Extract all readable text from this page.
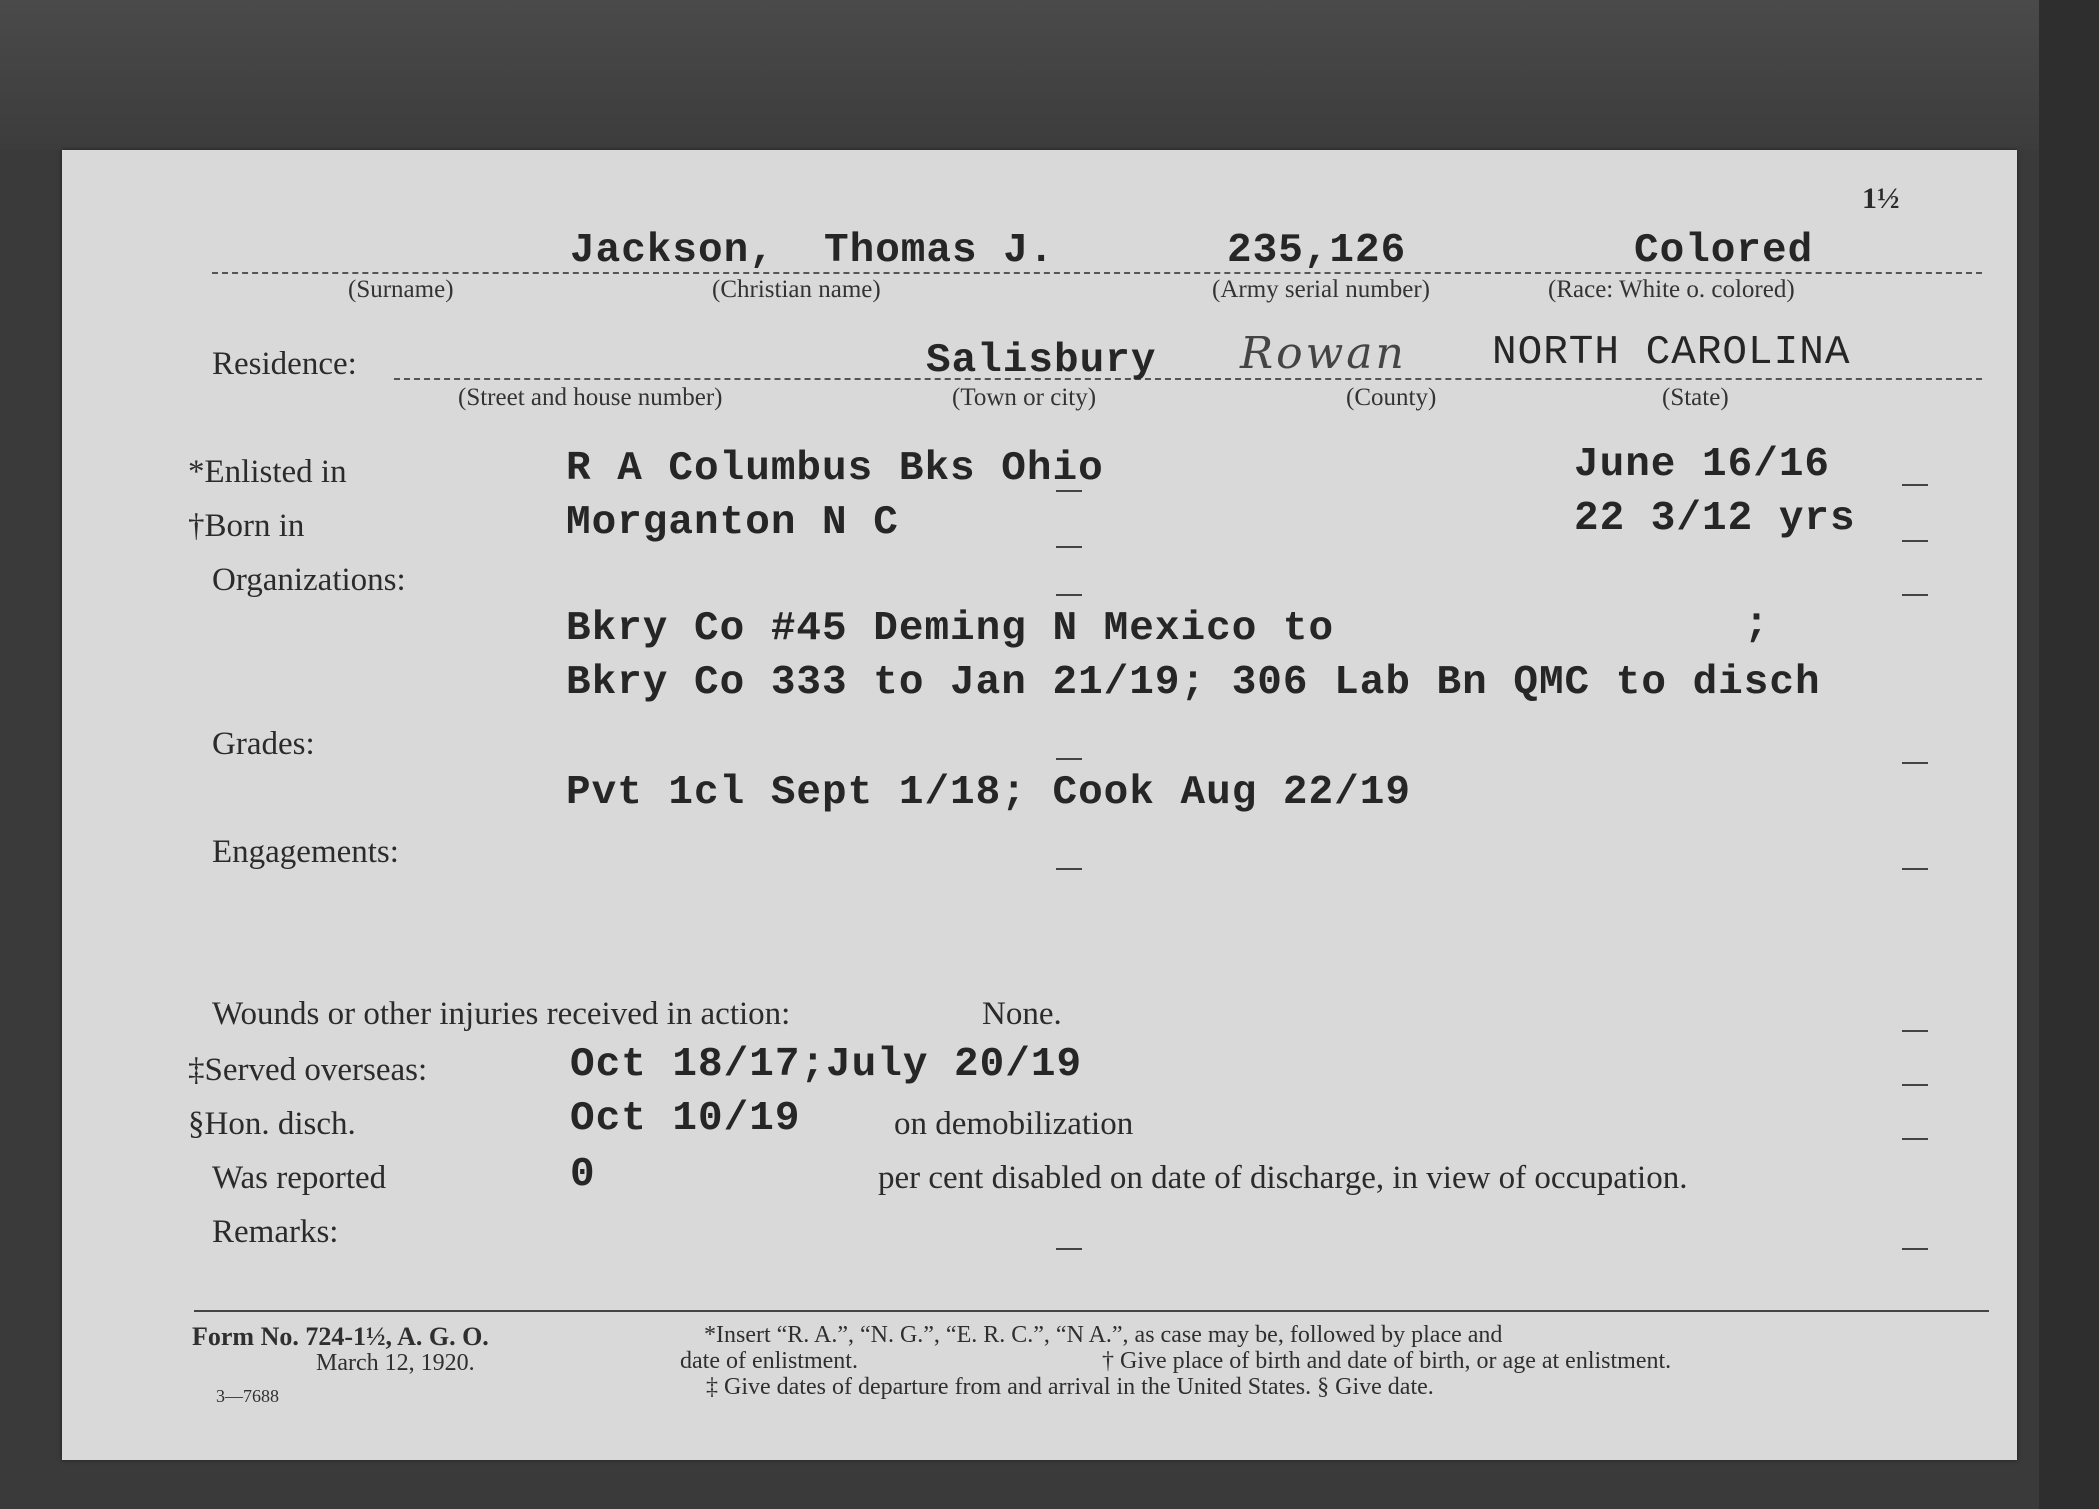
1½
Jackson, Thomas J.	235,126	Colored
(Surname)	(Christian name)	(Army serial number)	(Race: White o. colored)
Residence:	Salisbury Rowan NORTH CAROLINA
(Street and house number)	(Town or city)	(County)	(State)
*Enlisted in	R A Columbus Bks Ohio	June 16/16
†Born in	Morganton N C	22 3/12 yrs
Organizations:
Bkry Co #45 Deming N Mexico to	;
Bkry Co 333 to Jan 21/19; 306 Lab Bn QMC to disch
Grades:
Pvt 1cl Sept 1/18; Cook Aug 22/19
Engagements:
Wounds or other injuries received in action:	None.
‡Served overseas:	Oct 18/17;July 20/19
§Hon. disch.	Oct 10/19	on demobilization
Was reported	0	per cent disabled on date of discharge, in view of occupation.
Remarks:
Form No. 724-1½, A. G. O.
March 12, 1920.
3—7688
*Insert “R. A.”, “N. G.”, “E. R. C.”, “N A.”, as case may be, followed by place and
date of enlistment.	† Give place of birth and date of birth, or age at enlistment.
‡ Give dates of departure from and arrival in the United States. § Give date.
